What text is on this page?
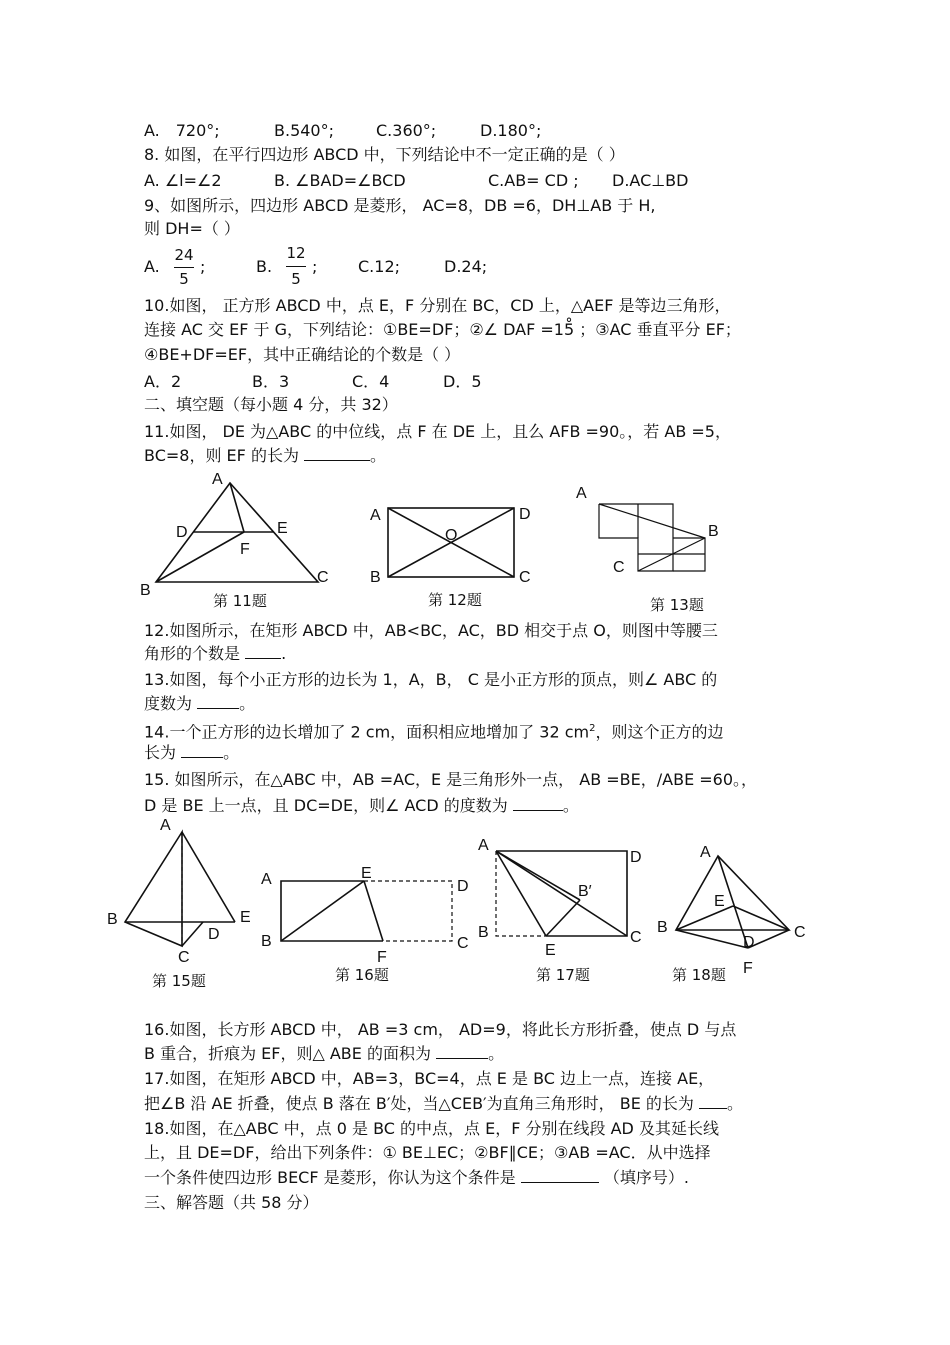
A.　720°;	B.540°;	C.360°;	D.180°;
8. 如图，在平行四边形 ABCD 中，下列结论中不一定正确的是（ ）
A. ∠l=∠2	B. ∠BAD=∠BCD	C.AB= CD ; D.AC⊥BD
9、如图所示，四边形 ABCD 是菱形， AC=8，DB =6，DH⊥AB 于 H,
则 DH=（ ）
A.
24
5
;	B.
12
5
;	C.12;	D.24;
10.如图， 正方形 ABCD 中，点 E，F 分别在 BC，CD 上，△AEF 是等边三角形，
连接 AC 交 EF 于 G，下列结论：①BE=DF；②∠ DAF =15̊ ；③AC 垂直平分 EF；
④BE+DF=EF，其中正确结论的个数是（ ）
A．2	B．3	C．4	D．5
二、填空题（每小题 4 分，共 32）
11.如图， DE 为△ABC 的中位线，点 F 在 DE 上，且么 AFB =90。，若 AB =5，
BC=8，则 EF 的长为	。
A
D	E
F
B
C
第 11题
A	D
O
B	C
第 12题
A
B
C
第 13题
12.如图所示，在矩形 ABCD 中，AB<BC，AC，BD 相交于点 O，则图中等腰三
角形的个数是	.
13.如图，每个小正方形的边长为 1，A，B， C 是小正方形的顶点，则∠ ABC 的
度数为	。
14.一个正方形的边长增加了 2 cm，面积相应地增加了 32 $cm^2$，则这个正方的边
长为	。
15. 如图所示，在△ABC 中，AB =AC，E 是三角形外一点， AB =BE，/ABE =60。，
D 是 BE 上一点，且 DC=DE，则∠ ACD 的度数为	。
A
B	E
D
C
第 15题
A	E
D
B
F
C
第 16题
A
D
B′
B
E
C
第 17题
A
E
B
D
C
F
第 18题
16.如图，长方形 ABCD 中， AB =3 cm， AD=9，将此长方形折叠，使点 D 与点
B 重合，折痕为 EF，则△ ABE 的面积为	。
17.如图，在矩形 ABCD 中，AB=3，BC=4，点 E 是 BC 边上一点，连接 AE，
把∠B 沿 AE 折叠，使点 B 落在 B′处，当△CEB′为直角三角形时， BE 的长为 。
18.如图，在△ABC 中，点 0 是 BC 的中点，点 E，F 分别在线段 AD 及其延长线
上，且 DE=DF，给出下列条件：① BE⊥EC；②BF∥CE；③AB =AC．从中选择
一个条件使四边形 BECF 是菱形，你认为这个条件是	（填序号）.
三、解答题（共 58 分）
